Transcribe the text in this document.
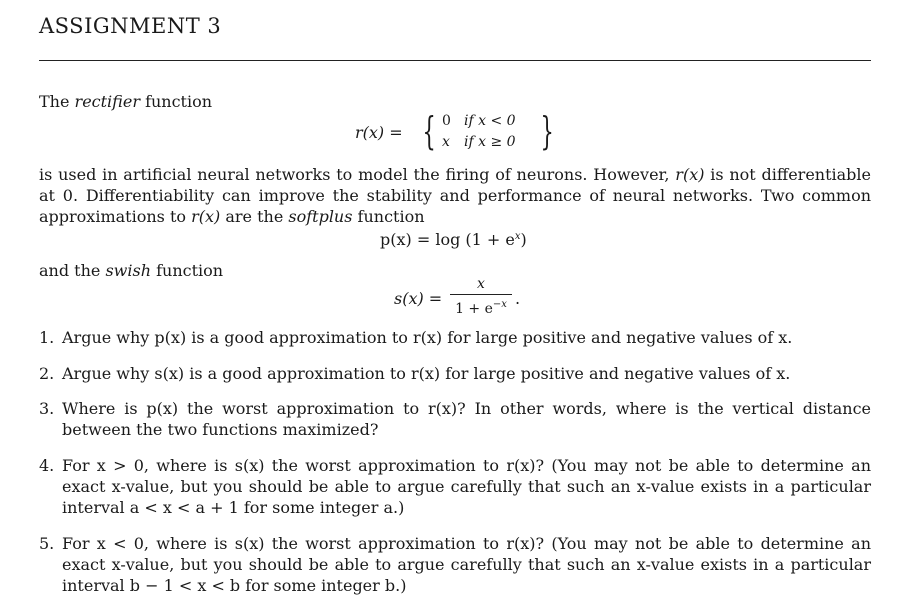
ASSIGNMENT 3
The rectifier function
r(x) = { 0 if x < 0
x if x ≥ 0 }
is used in artificial neural networks to model the firing of neurons. However, r(x) is not differentiable at 0. Differentiability can improve the stability and performance of neural networks. Two common approximations to r(x) are the softplus function
$p(x) = \log (1 + e^x)$
and the swish function
s(x) =
x
$1 + e^{-x}$ .
1. Argue why p(x) is a good approximation to r(x) for large positive and negative values of x.
2. Argue why s(x) is a good approximation to r(x) for large positive and negative values of x.
3. Where is p(x) the worst approximation to r(x)? In other words, where is the vertical distance between the two functions maximized?
4. For x > 0, where is s(x) the worst approximation to r(x)? (You may not be able to determine an exact x-value, but you should be able to argue carefully that such an x-value exists in a particular interval a < x < a + 1 for some integer a.)
5. For x < 0, where is s(x) the worst approximation to r(x)? (You may not be able to determine an exact x-value, but you should be able to argue carefully that such an x-value exists in a particular interval b − 1 < x < b for some integer b.)
